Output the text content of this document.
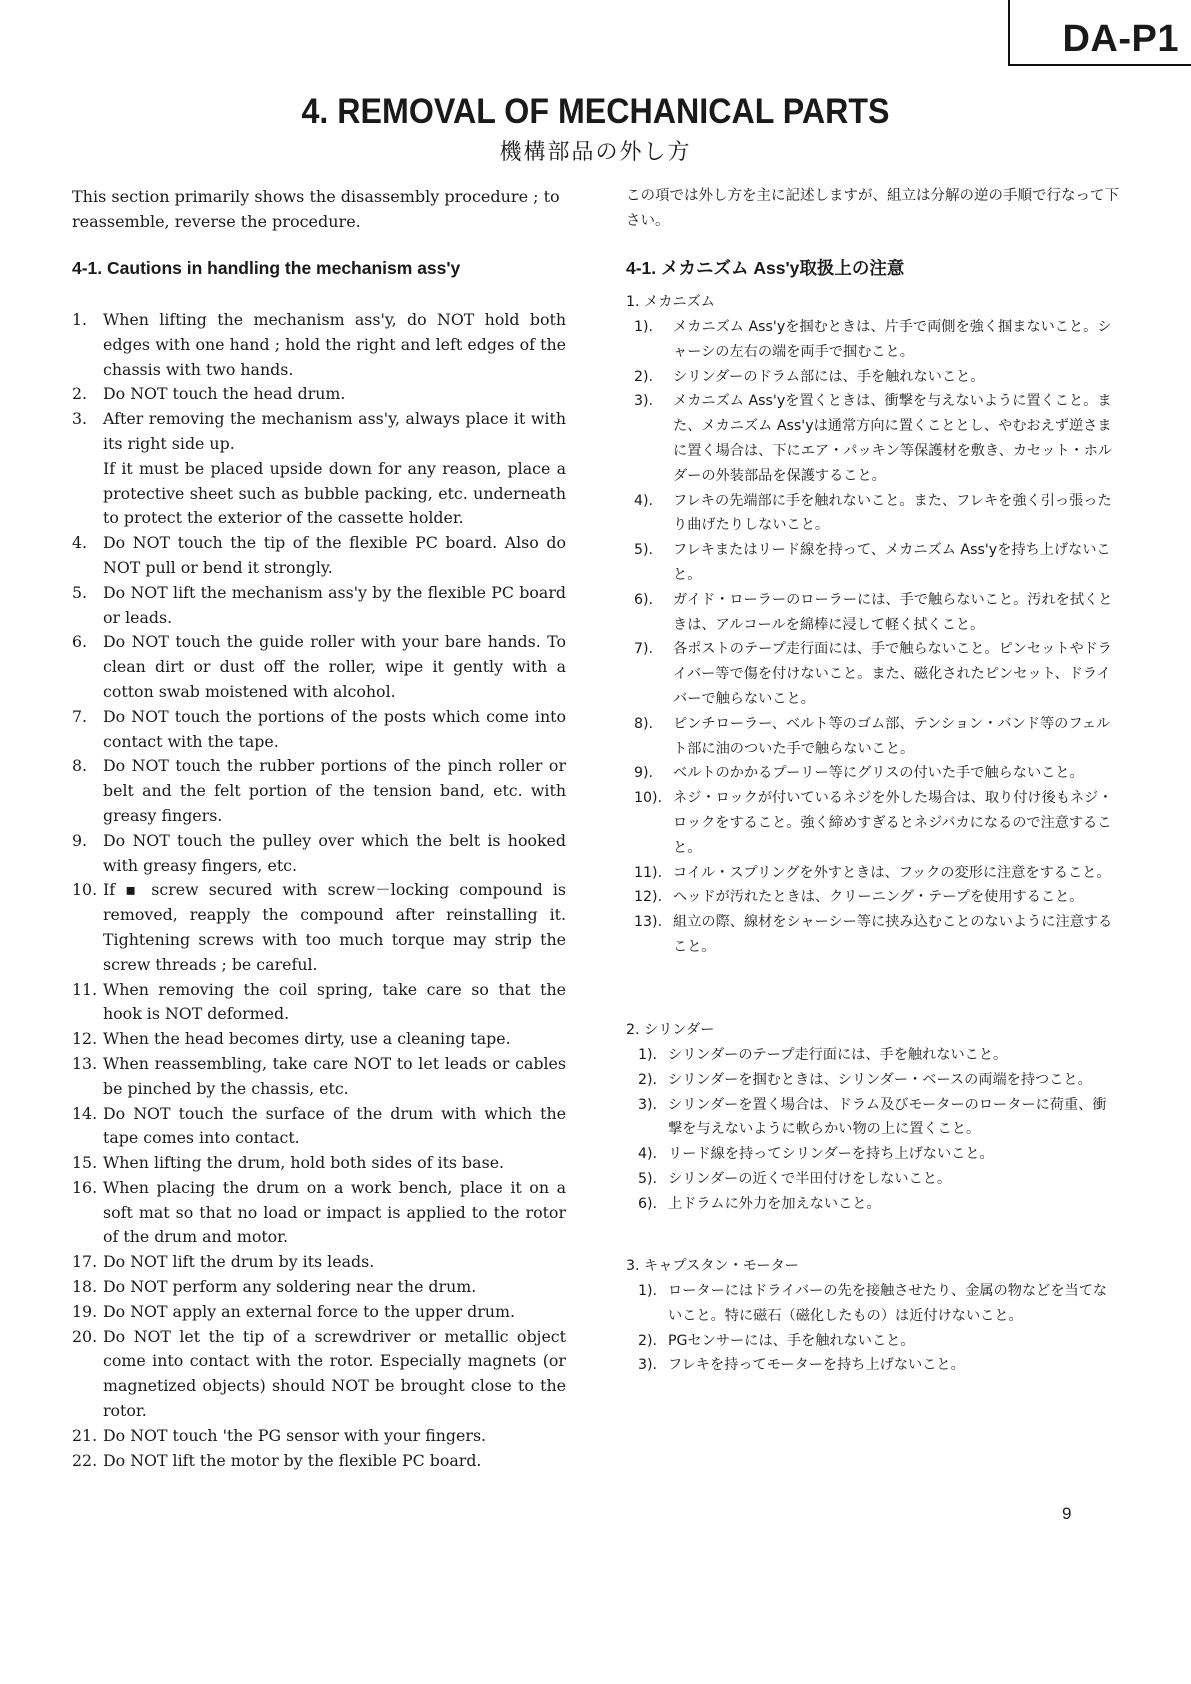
DA-P1
4. REMOVAL OF MECHANICAL PARTS
機構部品の外し方

This section primarily shows the disassembly procedure ; to reassemble, reverse the procedure.

4-1. Cautions in handling the mechanism ass'y
1. When lifting the mechanism ass'y, do NOT hold both edges with one hand ; hold the right and left edges of the chassis with two hands.
2. Do NOT touch the head drum.
3. After removing the mechanism ass'y, always place it with its right side up.
If it must be placed upside down for any reason, place a protective sheet such as bubble packing, etc. underneath to protect the exterior of the cassette holder.
4. Do NOT touch the tip of the flexible PC board. Also do NOT pull or bend it strongly.
5. Do NOT lift the mechanism ass'y by the flexible PC board or leads.
6. Do NOT touch the guide roller with your bare hands. To clean dirt or dust off the roller, wipe it gently with a cotton swab moistened with alcohol.
7. Do NOT touch the portions of the posts which come into contact with the tape.
8. Do NOT touch the rubber portions of the pinch roller or belt and the felt portion of the tension band, etc. with greasy fingers.
9. Do NOT touch the pulley over which the belt is hooked with greasy fingers, etc.
10. If ▪ screw secured with screw－locking compound is removed, reapply the compound after reinstalling it. Tightening screws with too much torque may strip the screw threads ; be careful.
11. When removing the coil spring, take care so that the hook is NOT deformed.
12. When the head becomes dirty, use a cleaning tape.
13. When reassembling, take care NOT to let leads or cables be pinched by the chassis, etc.
14. Do NOT touch the surface of the drum with which the tape comes into contact.
15. When lifting the drum, hold both sides of its base.
16. When placing the drum on a work bench, place it on a soft mat so that no load or impact is applied to the rotor of the drum and motor.
17. Do NOT lift the drum by its leads.
18. Do NOT perform any soldering near the drum.
19. Do NOT apply an external force to the upper drum.
20. Do NOT let the tip of a screwdriver or metallic object come into contact with the rotor. Especially magnets (or magnetized objects) should NOT be brought close to the rotor.
21. Do NOT touch 'the PG sensor with your fingers.
22. Do NOT lift the motor by the flexible PC board.

この項では外し方を主に記述しますが、組立は分解の逆の手順で行なって下さい。

4-1. メカニズム Ass'y取扱上の注意

1. メカニズム

1). メカニズム Ass'yを掴むときは、片手で両側を強く掴まないこと。シャーシの左右の端を両手で掴むこと。
2). シリンダーのドラム部には、手を触れないこと。
3). メカニズム Ass'yを置くときは、衝撃を与えないように置くこと。また、メカニズム Ass'yは通常方向に置くこととし、やむおえず逆さまに置く場合は、下にエア・パッキン等保護材を敷き、カセット・ホルダーの外装部品を保護すること。
4). フレキの先端部に手を触れないこと。また、フレキを強く引っ張ったり曲げたりしないこと。
5). フレキまたはリード線を持って、メカニズム Ass'yを持ち上げないこと。
6). ガイド・ローラーのローラーには、手で触らないこと。汚れを拭くときは、アルコールを綿棒に浸して軽く拭くこと。
7). 各ポストのテープ走行面には、手で触らないこと。ピンセットやドライバー等で傷を付けないこと。また、磁化されたピンセット、ドライバーで触らないこと。
8). ピンチローラー、ベルト等のゴム部、テンション・バンド等のフェルト部に油のついた手で触らないこと。
9). ベルトのかかるプーリー等にグリスの付いた手で触らないこと。
10). ネジ・ロックが付いているネジを外した場合は、取り付け後もネジ・ロックをすること。強く締めすぎるとネジバカになるので注意すること。
11). コイル・スプリングを外すときは、フックの変形に注意をすること。
12). ヘッドが汚れたときは、クリーニング・テープを使用すること。
13). 組立の際、線材をシャーシー等に挟み込むことのないように注意すること。

2. シリンダー

1). シリンダーのテープ走行面には、手を触れないこと。
2). シリンダーを掴むときは、シリンダー・ベースの両端を持つこと。
3). シリンダーを置く場合は、ドラム及びモーターのローターに荷重、衝撃を与えないように軟らかい物の上に置くこと。
4). リード線を持ってシリンダーを持ち上げないこと。
5). シリンダーの近くで半田付けをしないこと。
6). 上ドラムに外力を加えないこと。

3. キャプスタン・モーター

1). ローターにはドライバーの先を接触させたり、金属の物などを当てないこと。特に磁石（磁化したもの）は近付けないこと。
2). PGセンサーには、手を触れないこと。
3). フレキを持ってモーターを持ち上げないこと。
9
